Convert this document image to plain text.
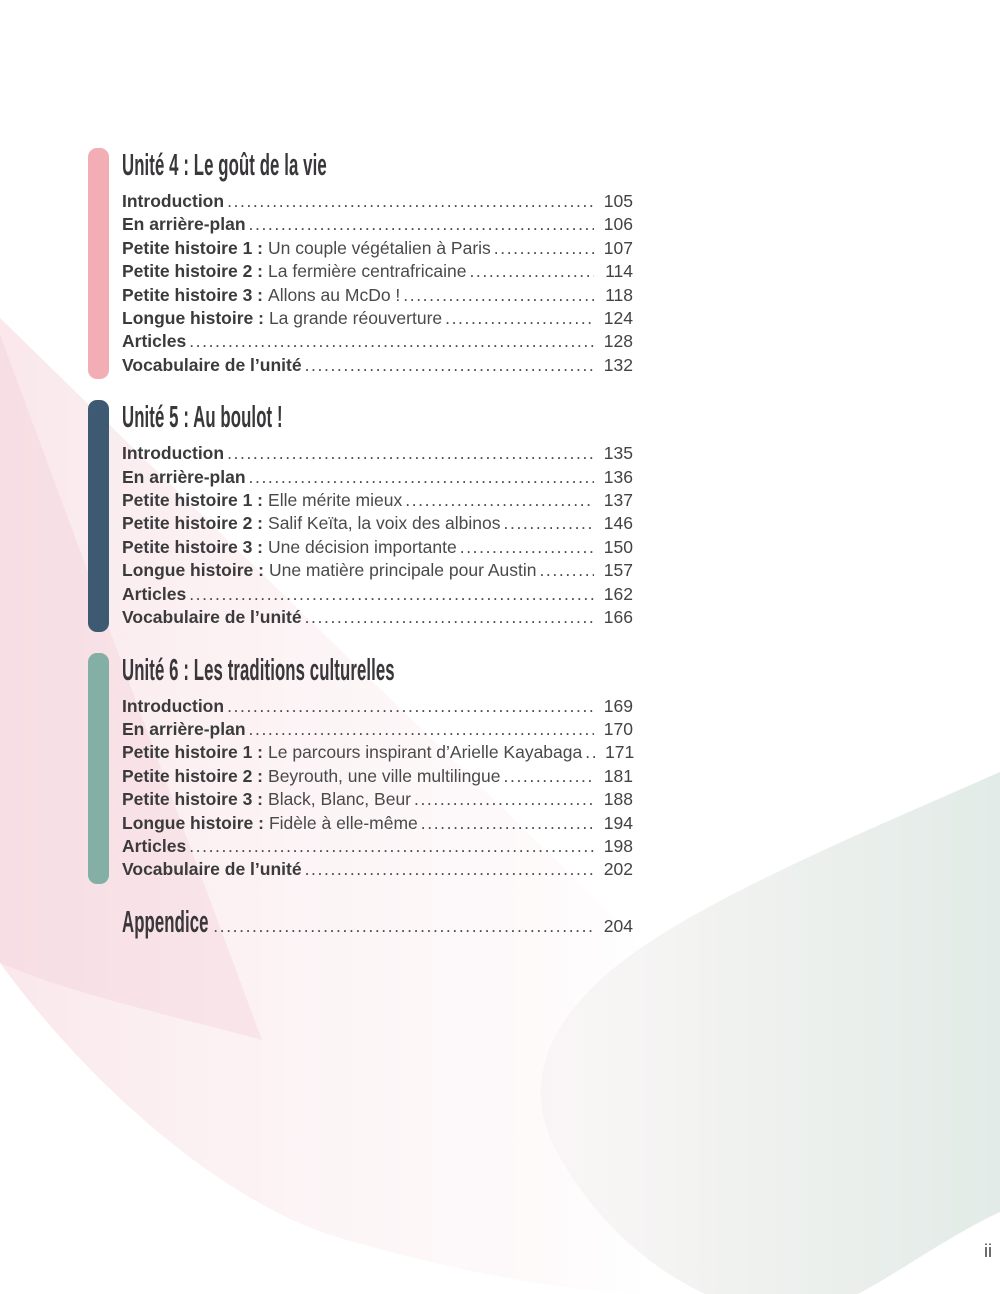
Unité 4 : Le goût de la vie
Introduction .....	105
En arrière-plan .....	106
Petite histoire 1 : Un couple végétalien à Paris .....	107
Petite histoire 2 : La fermière centrafricaine .....	114
Petite histoire 3 : Allons au McDo ! .....	118
Longue histoire : La grande réouverture .....	124
Articles .....	128
Vocabulaire de l’unité .....	132
Unité 5 : Au boulot !
Introduction .....	135
En arrière-plan .....	136
Petite histoire 1 : Elle mérite mieux .....	137
Petite histoire 2 : Salif Keïta, la voix des albinos .....	146
Petite histoire 3 : Une décision importante .....	150
Longue histoire : Une matière principale pour Austin .....	157
Articles .....	162
Vocabulaire de l’unité .....	166
Unité 6 : Les traditions culturelles
Introduction .....	169
En arrière-plan .....	170
Petite histoire 1 : Le parcours inspirant d’Arielle Kayabaga ..... 171
Petite histoire 2 : Beyrouth, une ville multilingue .....	181
Petite histoire 3 : Black, Blanc, Beur .....	188
Longue histoire : Fidèle à elle-même .....	194
Articles .....	198
Vocabulaire de l’unité .....	202
Appendice .....	204
ii
